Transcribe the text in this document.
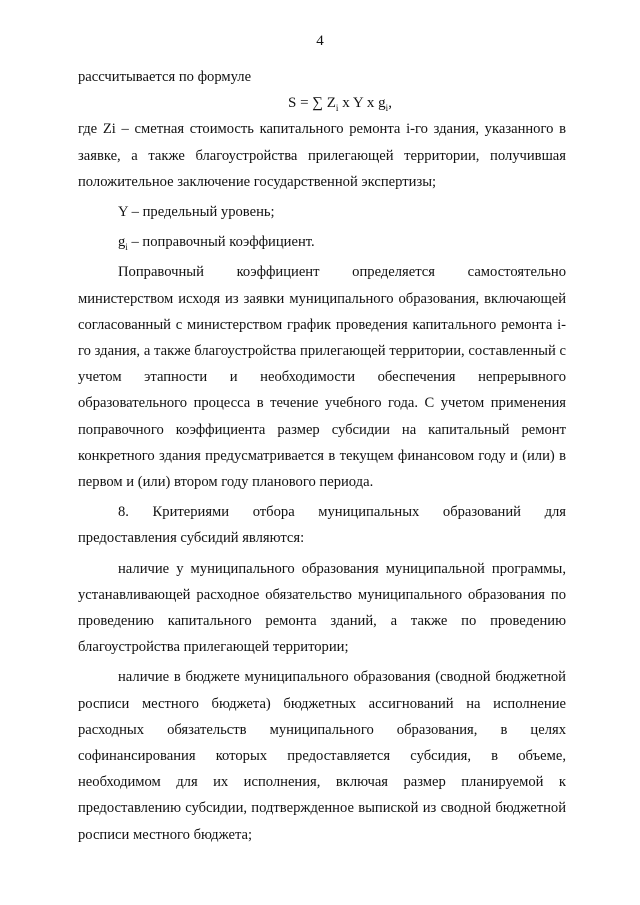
4

рассчитывается по формуле

S = ∑ $Z_i$ x Y x $g_i$,

где Zi – сметная стоимость капитального ремонта i-го здания, указанного в заявке, а также благоустройства прилегающей территории, получившая положительное заключение государственной экспертизы;

Y – предельный уровень;

$g_i$ – поправочный коэффициент.

Поправочный коэффициент определяется самостоятельно министерством исходя из заявки муниципального образования, включающей согласованный с министерством график проведения капитального ремонта i-го здания, а также благоустройства прилегающей территории, составленный с учетом этапности и необходимости обеспечения непрерывного образовательного процесса в течение учебного года. С учетом применения поправочного коэффициента размер субсидии на капитальный ремонт конкретного здания предусматривается в текущем финансовом году и (или) в первом и (или) втором году планового периода.

8. Критериями отбора муниципальных образований для предоставления субсидий являются:

наличие у муниципального образования муниципальной программы, устанавливающей расходное обязательство муниципального образования по проведению капитального ремонта зданий, а также по проведению благоустройства прилегающей территории;

наличие в бюджете муниципального образования (сводной бюджетной росписи местного бюджета) бюджетных ассигнований на исполнение расходных обязательств муниципального образования, в целях софинансирования которых предоставляется субсидия, в объеме, необходимом для их исполнения, включая размер планируемой к предоставлению субсидии, подтвержденное выпиской из сводной бюджетной росписи местного бюджета;
